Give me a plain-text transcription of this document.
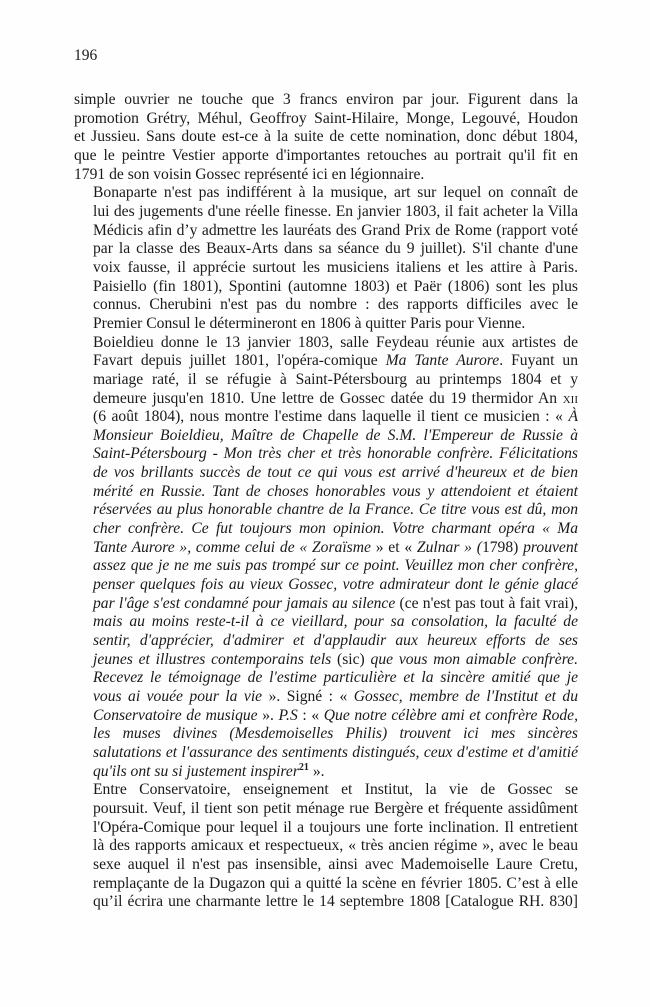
196
simple ouvrier ne touche que 3 francs environ par jour. Figurent dans la
promotion Grétry, Méhul, Geoffroy Saint-Hilaire, Monge, Legouvé, Houdon
et Jussieu. Sans doute est-ce à la suite de cette nomination, donc début 1804,
que le peintre Vestier apporte d'importantes retouches au portrait qu'il fit en
1791 de son voisin Gossec représenté ici en légionnaire.
Bonaparte n'est pas indifférent à la musique, art sur lequel on connaît de
lui des jugements d'une réelle finesse. En janvier 1803, il fait acheter la Villa
Médicis afin d’y admettre les lauréats des Grand Prix de Rome (rapport voté
par la classe des Beaux-Arts dans sa séance du 9 juillet). S'il chante d'une
voix fausse, il apprécie surtout les musiciens italiens et les attire à Paris.
Paisiello (fin 1801), Spontini (automne 1803) et Paër (1806) sont les plus
connus. Cherubini n'est pas du nombre : des rapports difficiles avec le
Premier Consul le détermineront en 1806 à quitter Paris pour Vienne.
Boieldieu donne le 13 janvier 1803, salle Feydeau réunie aux artistes de
Favart depuis juillet 1801, l'opéra-comique Ma Tante Aurore. Fuyant un
mariage raté, il se réfugie à Saint-Pétersbourg au printemps 1804 et y
demeure jusqu'en 1810. Une lettre de Gossec datée du 19 thermidor An xii
(6 août 1804), nous montre l'estime dans laquelle il tient ce musicien : « À
Monsieur Boieldieu, Maître de Chapelle de S.M. l'Empereur de Russie à
Saint-Pétersbourg - Mon très cher et très honorable confrère. Félicitations
de vos brillants succès de tout ce qui vous est arrivé d'heureux et de bien
mérité en Russie. Tant de choses honorables vous y attendoient et étaient
réservées au plus honorable chantre de la France. Ce titre vous est dû, mon
cher confrère. Ce fut toujours mon opinion. Votre charmant opéra « Ma
Tante Aurore », comme celui de « Zoraïsme » et « Zulnar » (1798) prouvent
assez que je ne me suis pas trompé sur ce point. Veuillez mon cher confrère,
penser quelques fois au vieux Gossec, votre admirateur dont le génie glacé
par l'âge s'est condamné pour jamais au silence (ce n'est pas tout à fait vrai),
mais au moins reste-t-il à ce vieillard, pour sa consolation, la faculté de
sentir, d'apprécier, d'admirer et d'applaudir aux heureux efforts de ses
jeunes et illustres contemporains tels (sic) que vous mon aimable confrère.
Recevez le témoignage de l'estime particulière et la sincère amitié que je
vous ai vouée pour la vie ». Signé : « Gossec, membre de l'Institut et du
Conservatoire de musique ». P.S : « Que notre célèbre ami et confrère Rode,
les muses divines (Mesdemoiselles Philis) trouvent ici mes sincères
salutations et l'assurance des sentiments distingués, ceux d'estime et d'amitié
qu'ils ont su si justement inspirer$^{21}$ ».
Entre Conservatoire, enseignement et Institut, la vie de Gossec se
poursuit. Veuf, il tient son petit ménage rue Bergère et fréquente assidûment
l'Opéra-Comique pour lequel il a toujours une forte inclination. Il entretient
là des rapports amicaux et respectueux, « très ancien régime », avec le beau
sexe auquel il n'est pas insensible, ainsi avec Mademoiselle Laure Cretu,
remplaçante de la Dugazon qui a quitté la scène en février 1805. C’est à elle
qu’il écrira une charmante lettre le 14 septembre 1808 [Catalogue RH. 830]
